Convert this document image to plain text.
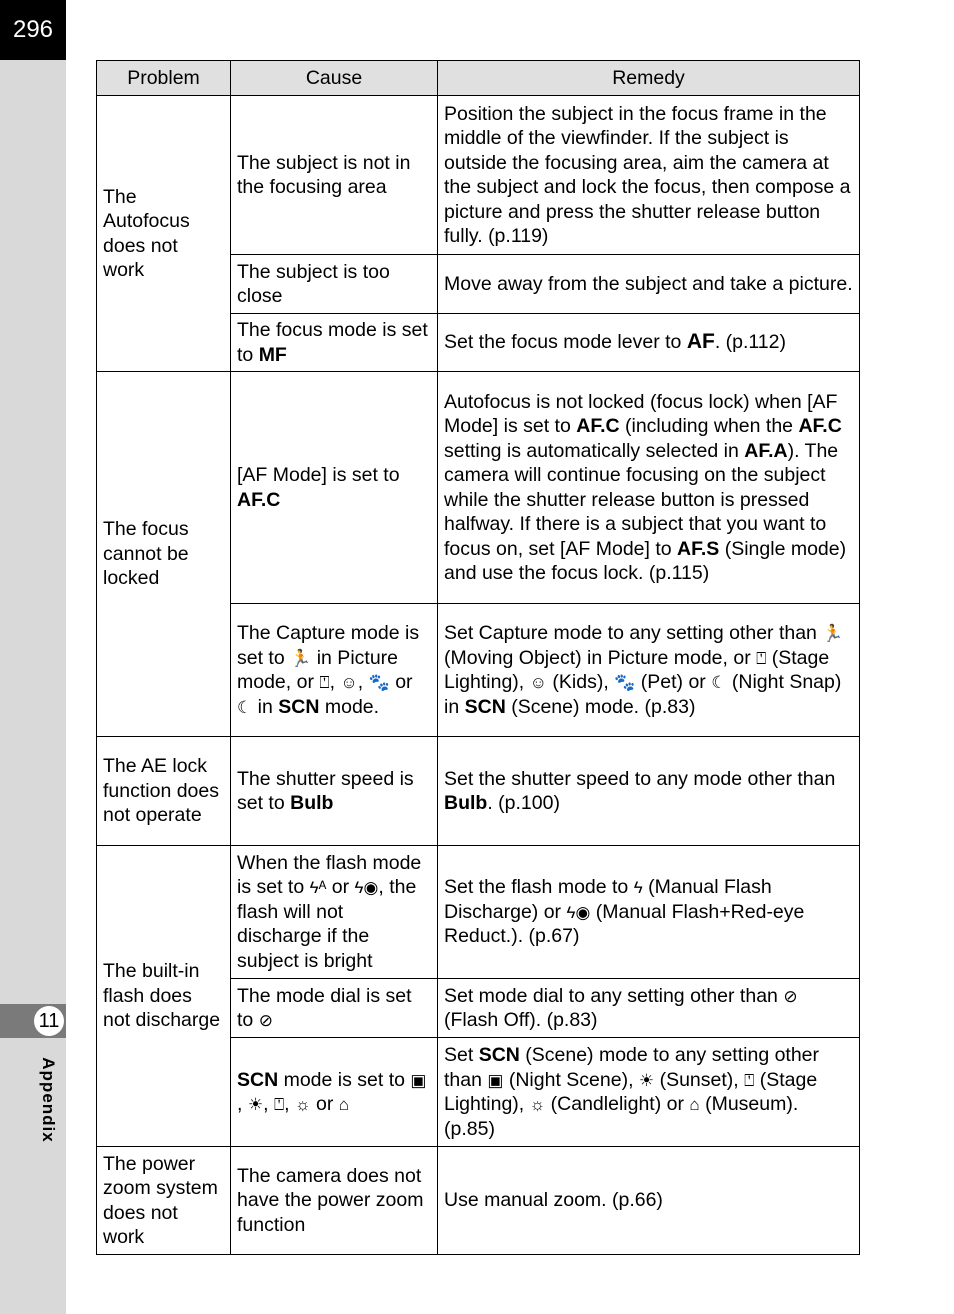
296
11
Appendix
Problem	Cause	Remedy
The Autofocus does not work	The subject is not in the focusing area	Position the subject in the focus frame in the middle of the viewfinder. If the subject is outside the focusing area, aim the camera at the subject and lock the focus, then compose a picture and press the shutter release button fully. (p.119)
	The subject is too close	Move away from the subject and take a picture.
	The focus mode is set to MF	Set the focus mode lever to AF. (p.112)
The focus cannot be locked	[AF Mode] is set to AF.C	Autofocus is not locked (focus lock) when [AF Mode] is set to AF.C (including when the AF.C setting is automatically selected in AF.A). The camera will continue focusing on the subject while the shutter release button is pressed halfway. If there is a subject that you want to focus on, set [AF Mode] to AF.S (Single mode) and use the focus lock. (p.115)
	The Capture mode is set to 🏃 in Picture mode, or ⍞, ☺, 🐾 or ☾ in SCN mode.	Set Capture mode to any setting other than 🏃 (Moving Object) in Picture mode, or ⍞ (Stage Lighting), ☺ (Kids), 🐾 (Pet) or ☾ (Night Snap) in SCN (Scene) mode. (p.83)
The AE lock function does not operate	The shutter speed is set to Bulb	Set the shutter speed to any mode other than Bulb. (p.100)
The built-in flash does not discharge	When the flash mode is set to ϟᴬ or ϟ◉, the flash will not discharge if the subject is bright	Set the flash mode to ϟ (Manual Flash Discharge) or ϟ◉ (Manual Flash+Red-eye Reduct.). (p.67)
	The mode dial is set to ⊘	Set mode dial to any setting other than ⊘ (Flash Off). (p.83)
	SCN mode is set to ▣, ☀, ⍞, ☼ or ⌂	Set SCN (Scene) mode to any setting other than ▣ (Night Scene), ☀ (Sunset), ⍞ (Stage Lighting), ☼ (Candlelight) or ⌂ (Museum). (p.85)
The power zoom system does not work	The camera does not have the power zoom function	Use manual zoom. (p.66)
